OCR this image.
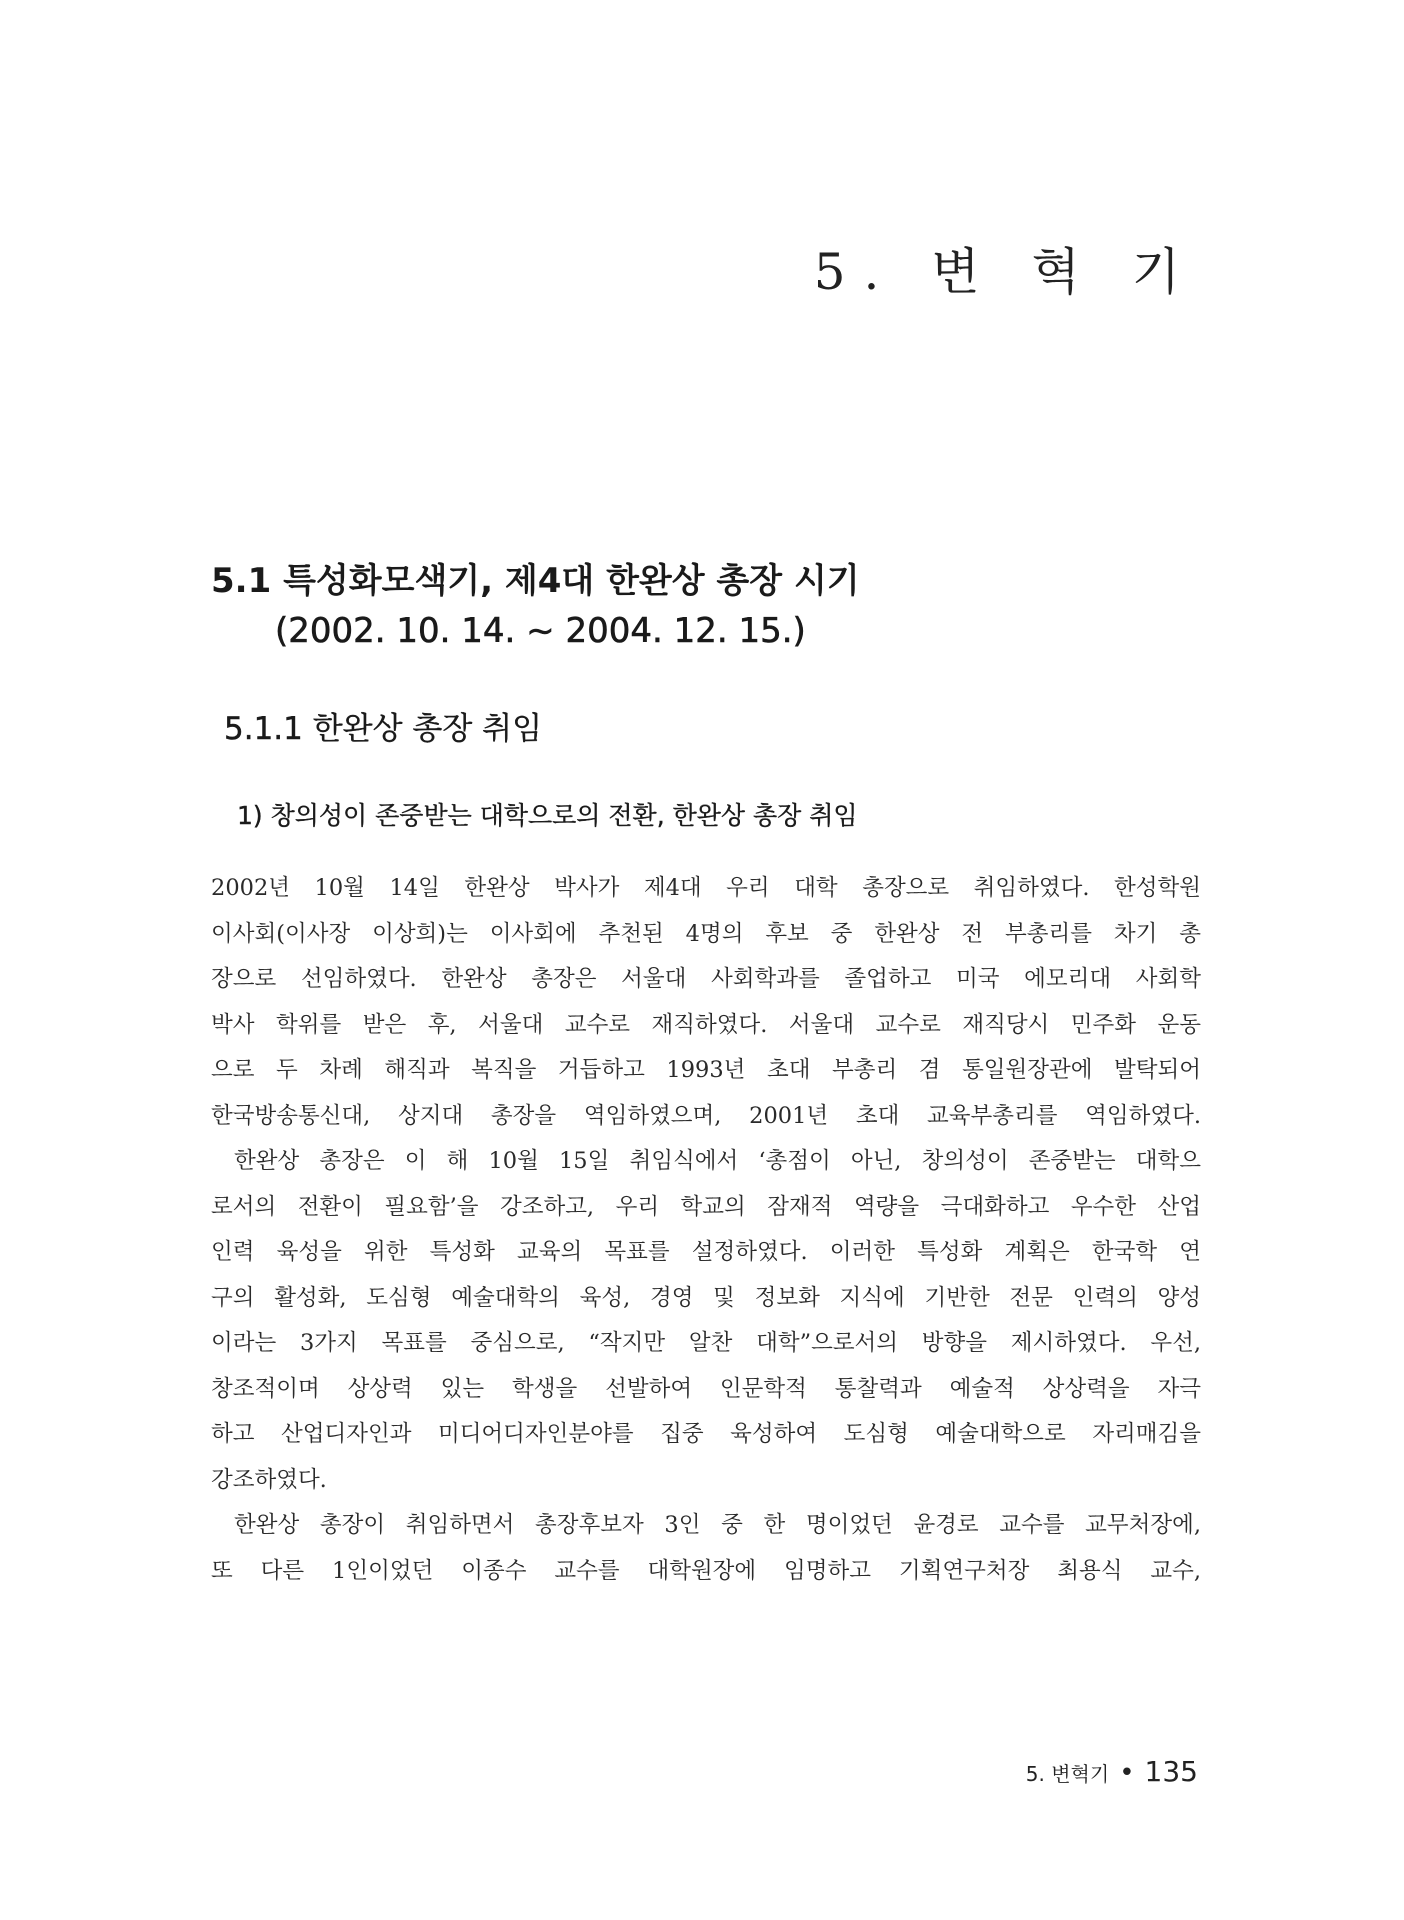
5. 변 혁 기
5.1 특성화모색기, 제4대 한완상 총장 시기
(2002. 10. 14. ~ 2004. 12. 15.)
5.1.1 한완상 총장 취임
1) 창의성이 존중받는 대학으로의 전환, 한완상 총장 취임
2002년 10월 14일 한완상 박사가 제4대 우리 대학 총장으로 취임하였다. 한성학원
이사회(이사장 이상희)는 이사회에 추천된 4명의 후보 중 한완상 전 부총리를 차기 총
장으로 선임하였다. 한완상 총장은 서울대 사회학과를 졸업하고 미국 에모리대 사회학
박사 학위를 받은 후, 서울대 교수로 재직하였다. 서울대 교수로 재직당시 민주화 운동
으로 두 차례 해직과 복직을 거듭하고 1993년 초대 부총리 겸 통일원장관에 발탁되어
한국방송통신대, 상지대 총장을 역임하였으며, 2001년 초대 교육부총리를 역임하였다.
한완상 총장은 이 해 10월 15일 취임식에서 ‘총점이 아닌, 창의성이 존중받는 대학으
로서의 전환이 필요함’을 강조하고, 우리 학교의 잠재적 역량을 극대화하고 우수한 산업
인력 육성을 위한 특성화 교육의 목표를 설정하였다. 이러한 특성화 계획은 한국학 연
구의 활성화, 도심형 예술대학의 육성, 경영 및 정보화 지식에 기반한 전문 인력의 양성
이라는 3가지 목표를 중심으로, “작지만 알찬 대학”으로서의 방향을 제시하였다. 우선,
창조적이며 상상력 있는 학생을 선발하여 인문학적 통찰력과 예술적 상상력을 자극
하고 산업디자인과 미디어디자인분야를 집중 육성하여 도심형 예술대학으로 자리매김을
강조하였다.
한완상 총장이 취임하면서 총장후보자 3인 중 한 명이었던 윤경로 교수를 교무처장에,
또 다른 1인이었던 이종수 교수를 대학원장에 임명하고 기획연구처장 최용식 교수,
5. 변혁기 • 135
